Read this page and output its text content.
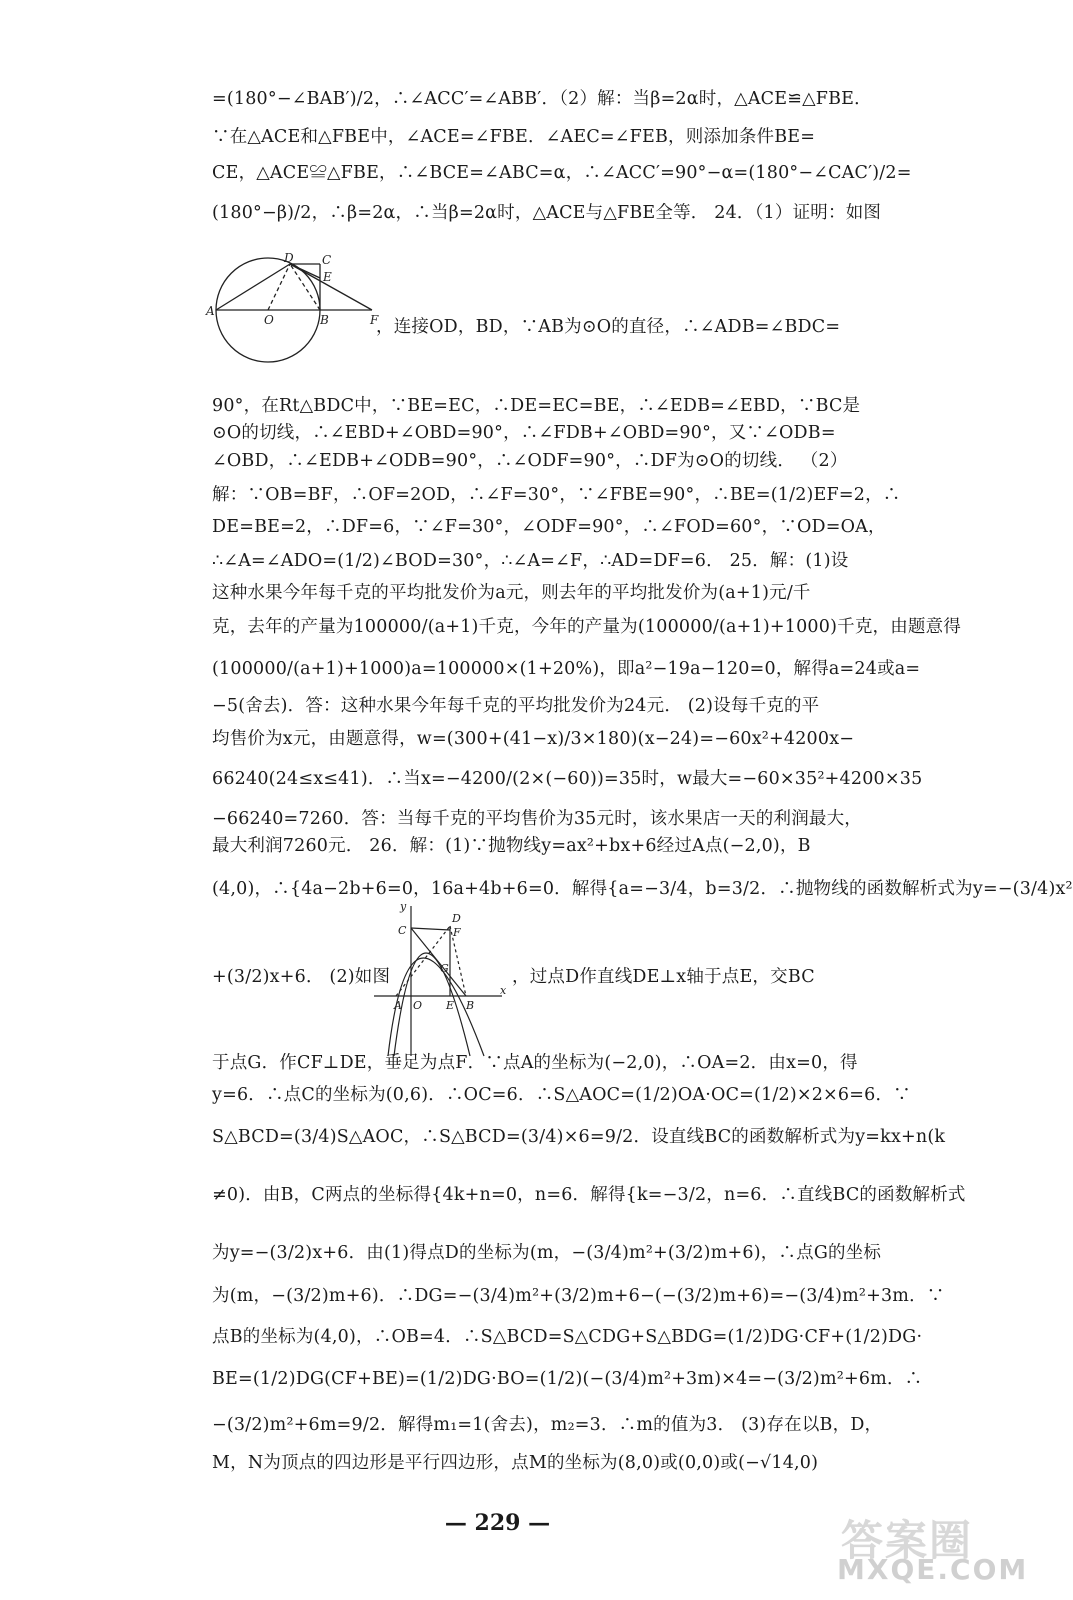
=(180°−∠BAB′)/2，∴∠ACC′=∠ABB′．（2）解：当β=2α时，△ACE≌△FBE．
∵在△ACE和△FBE中，∠ACE=∠FBE．∠AEC=∠FEB，则添加条件BE=
CE，△ACE≌△FBE，∴∠BCE=∠ABC=α，∴∠ACC′=90°−α=(180°−∠CAC′)/2=
(180°−β)/2，∴β=2α，∴当β=2α时，△ACE与△FBE全等． 24．（1）证明：如图
A
O	B	F
D C
E
，连接OD，BD，∵AB为⊙O的直径，∴∠ADB=∠BDC=
90°，在Rt△BDC中，∵BE=EC，∴DE=EC=BE，∴∠EDB=∠EBD，∵BC是
⊙O的切线，∴∠EBD+∠OBD=90°，∴∠FDB+∠OBD=90°，又∵∠ODB=
∠OBD，∴∠EDB+∠ODB=90°，∴∠ODF=90°，∴DF为⊙O的切线． （2）
解：∵OB=BF，∴OF=2OD，∴∠F=30°，∵∠FBE=90°，∴BE=(1/2)EF=2，∴
DE=BE=2，∴DF=6，∵∠F=30°，∠ODF=90°，∴∠FOD=60°，∵OD=OA，
∴∠A=∠ADO=(1/2)∠BOD=30°，∴∠A=∠F，∴AD=DF=6． 25．解：(1)设
这种水果今年每千克的平均批发价为a元，则去年的平均批发价为(a+1)元/千
克，去年的产量为100000/(a+1)千克，今年的产量为(100000/(a+1)+1000)千克，由题意得
(100000/(a+1)+1000)a=100000×(1+20%)，即a²−19a−120=0，解得a=24或a=
−5(舍去)．答：这种水果今年每千克的平均批发价为24元． (2)设每千克的平
均售价为x元，由题意得，w=(300+(41−x)/3×180)(x−24)=−60x²+4200x−
66240(24≤x≤41)．∴当x=−4200/(2×(−60))=35时，w最大=−60×35²+4200×35
−66240=7260．答：当每千克的平均售价为35元时，该水果店一天的利润最大，
最大利润7260元． 26．解：(1)∵抛物线y=ax²+bx+6经过A点(−2,0)，B
(4,0)，∴{4a−2b+6=0，16a+4b+6=0．解得{a=−3/4，b=3/2．∴抛物线的函数解析式为y=−(3/4)x²
y
x
C
D
F
G
A O E B
+(3/2)x+6． (2)如图	，过点D作直线DE⊥x轴于点E，交BC
于点G．作CF⊥DE，垂足为点F．∵点A的坐标为(−2,0)，∴OA=2．由x=0，得
y=6．∴点C的坐标为(0,6)．∴OC=6．∴S△AOC=(1/2)OA·OC=(1/2)×2×6=6．∵
S△BCD=(3/4)S△AOC，∴S△BCD=(3/4)×6=9/2．设直线BC的函数解析式为y=kx+n(k
≠0)．由B，C两点的坐标得{4k+n=0，n=6．解得{k=−3/2，n=6．∴直线BC的函数解析式
为y=−(3/2)x+6．由(1)得点D的坐标为(m，−(3/4)m²+(3/2)m+6)，∴点G的坐标
为(m，−(3/2)m+6)．∴DG=−(3/4)m²+(3/2)m+6−(−(3/2)m+6)=−(3/4)m²+3m．∵
点B的坐标为(4,0)，∴OB=4．∴S△BCD=S△CDG+S△BDG=(1/2)DG·CF+(1/2)DG·
BE=(1/2)DG(CF+BE)=(1/2)DG·BO=(1/2)(−(3/4)m²+3m)×4=−(3/2)m²+6m．∴
−(3/2)m²+6m=9/2．解得m₁=1(舍去)，m₂=3．∴m的值为3． (3)存在以B，D，
M，N为顶点的四边形是平行四边形，点M的坐标为(8,0)或(0,0)或(−√14,0)
— 229 —	答案圈
MXQE.COM
